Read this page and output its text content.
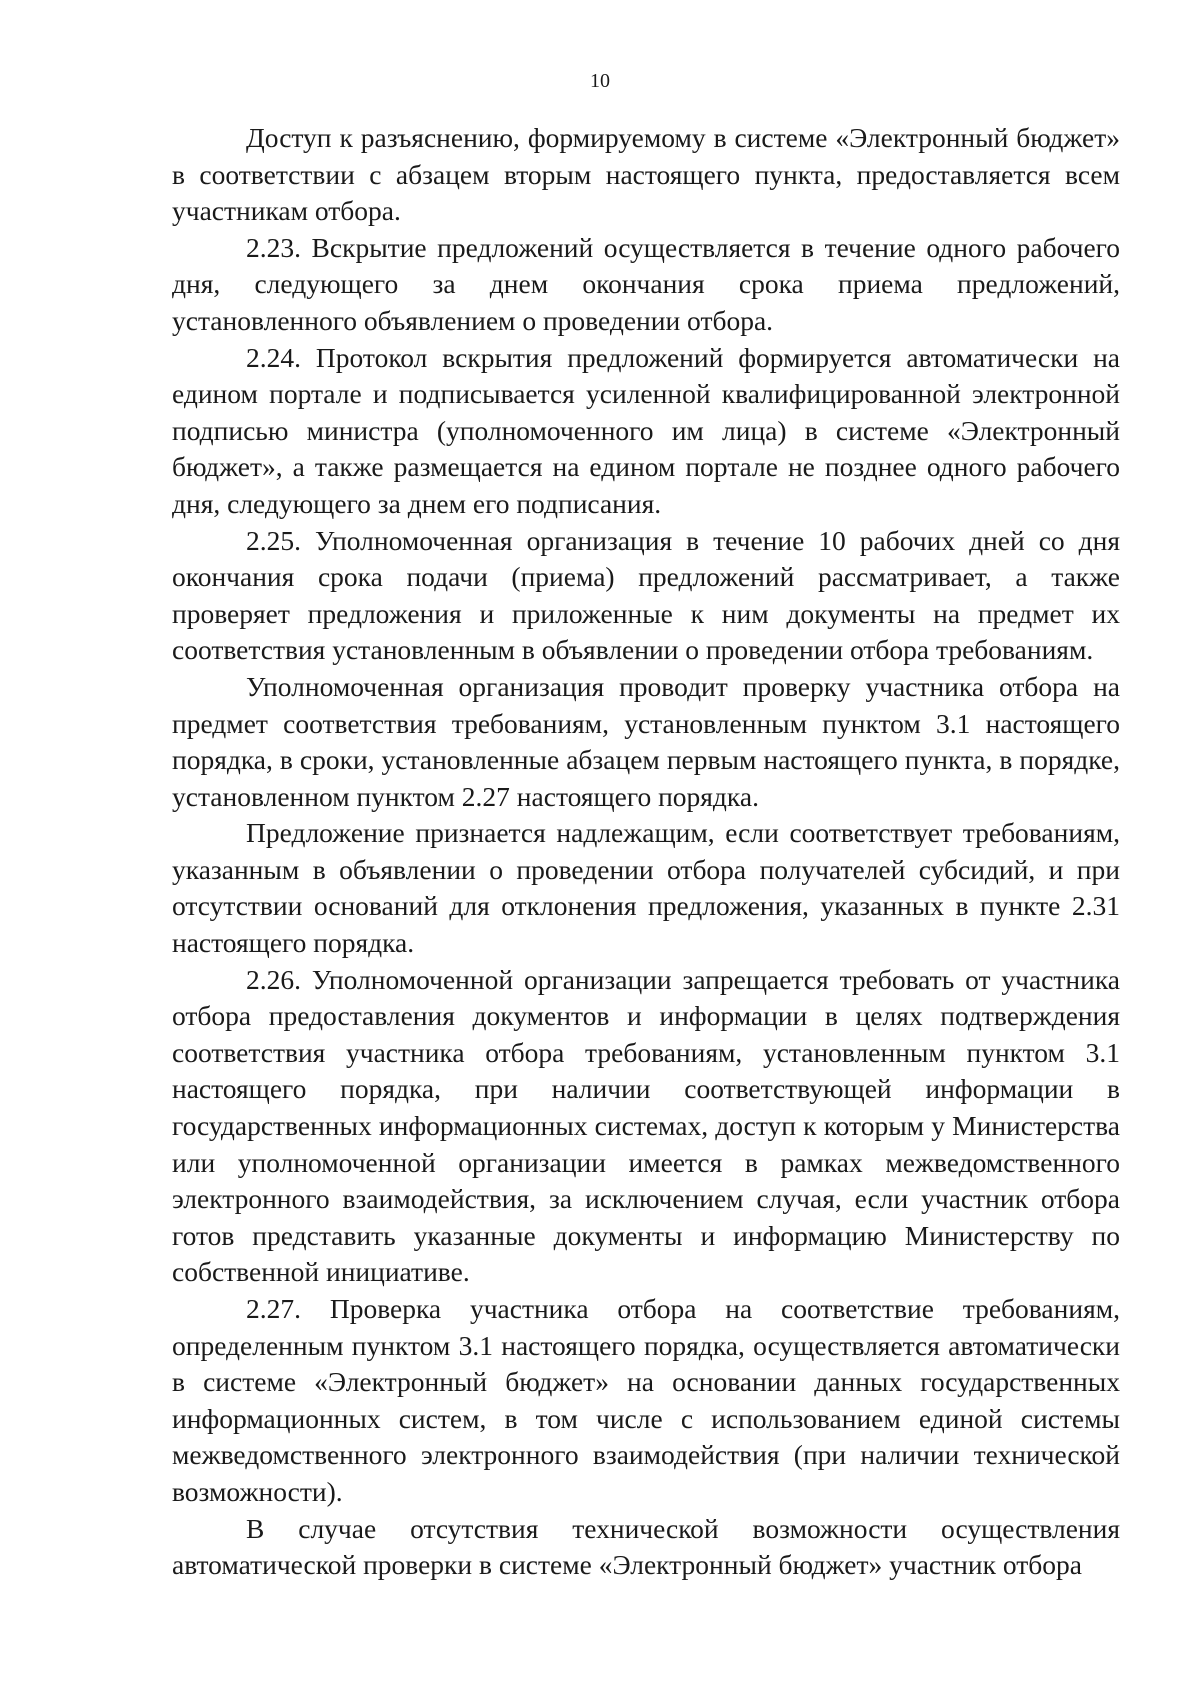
10

Доступ к разъяснению, формируемому в системе «Электронный бюджет» в соответствии с абзацем вторым настоящего пункта, предоставляется всем участникам отбора.

2.23. Вскрытие предложений осуществляется в течение одного рабочего дня, следующего за днем окончания срока приема предложений, установленного объявлением о проведении отбора.

2.24. Протокол вскрытия предложений формируется автоматически на едином портале и подписывается усиленной квалифицированной электронной подписью министра (уполномоченного им лица) в системе «Электронный бюджет», а также размещается на едином портале не позднее одного рабочего дня, следующего за днем его подписания.

2.25. Уполномоченная организация в течение 10 рабочих дней со дня окончания срока подачи (приема) предложений рассматривает, а также проверяет предложения и приложенные к ним документы на предмет их соответствия установленным в объявлении о проведении отбора требованиям.

Уполномоченная организация проводит проверку участника отбора на предмет соответствия требованиям, установленным пунктом 3.1 настоящего порядка, в сроки, установленные абзацем первым настоящего пункта, в порядке, установленном пунктом 2.27 настоящего порядка.

Предложение признается надлежащим, если соответствует требованиям, указанным в объявлении о проведении отбора получателей субсидий, и при отсутствии оснований для отклонения предложения, указанных в пункте 2.31 настоящего порядка.

2.26. Уполномоченной организации запрещается требовать от участника отбора предоставления документов и информации в целях подтверждения соответствия участника отбора требованиям, установленным пунктом 3.1 настоящего порядка, при наличии соответствующей информации в государственных информационных системах, доступ к которым у Министерства или уполномоченной организации имеется в рамках межведомственного электронного взаимодействия, за исключением случая, если участник отбора готов представить указанные документы и информацию Министерству по собственной инициативе.

2.27. Проверка участника отбора на соответствие требованиям, определенным пунктом 3.1 настоящего порядка, осуществляется автоматически в системе «Электронный бюджет» на основании данных государственных информационных систем, в том числе с использованием единой системы межведомственного электронного взаимодействия (при наличии технической возможности).

В случае отсутствия технической возможности осуществления автоматической проверки в системе «Электронный бюджет» участник отбора
